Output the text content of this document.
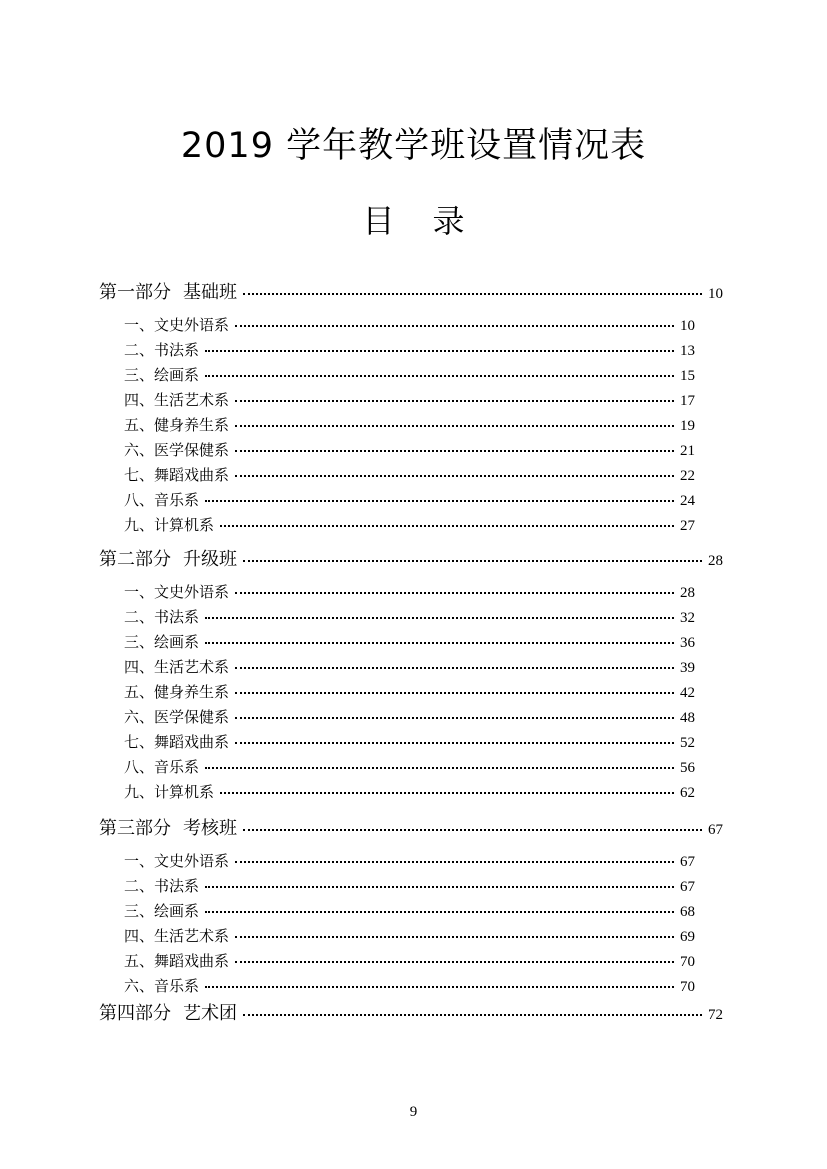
2019 学年教学班设置情况表
目录
第一部分 基础班	10
一、文史外语系	10
二、书法系	13
三、绘画系	15
四、生活艺术系	17
五、健身养生系	19
六、医学保健系	21
七、舞蹈戏曲系	22
八、音乐系	24
九、计算机系	27
第二部分 升级班	28
一、文史外语系	28
二、书法系	32
三、绘画系	36
四、生活艺术系	39
五、健身养生系	42
六、医学保健系	48
七、舞蹈戏曲系	52
八、音乐系	56
九、计算机系	62
第三部分 考核班	67
一、文史外语系	67
二、书法系	67
三、绘画系	68
四、生活艺术系	69
五、舞蹈戏曲系	70
六、音乐系	70
第四部分 艺术团	72
9
